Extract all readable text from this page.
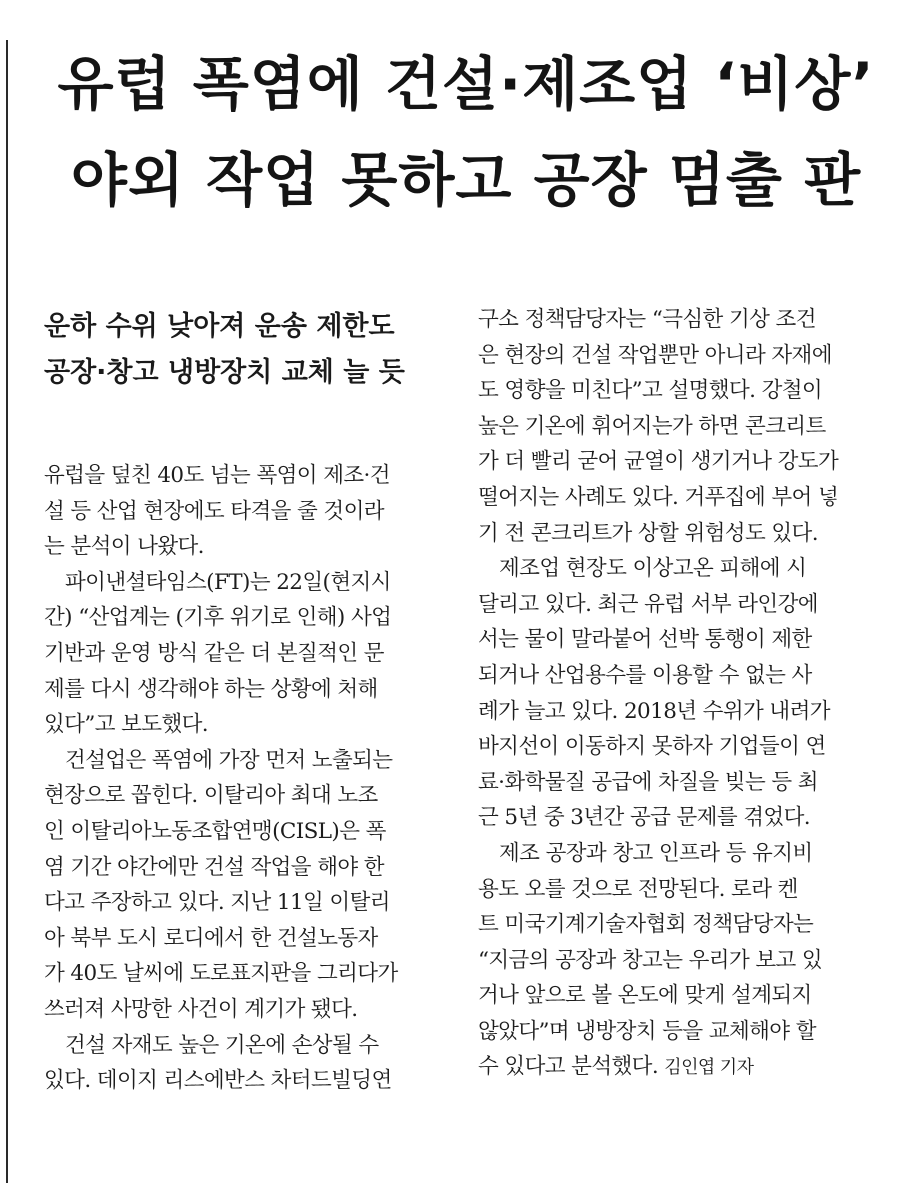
유럽 폭염에 건설·제조업 ‘비상’
야외 작업 못하고 공장 멈출 판
운하 수위 낮아져 운송 제한도
공장·창고 냉방장치 교체 늘 듯
유럽을 덮친 40도 넘는 폭염이 제조·건
설 등 산업 현장에도 타격을 줄 것이라
는 분석이 나왔다.
파이낸셜타임스(FT)는 22일(현지시
간) “산업계는 (기후 위기로 인해) 사업
기반과 운영 방식 같은 더 본질적인 문
제를 다시 생각해야 하는 상황에 처해
있다”고 보도했다.
건설업은 폭염에 가장 먼저 노출되는
현장으로 꼽힌다. 이탈리아 최대 노조
인 이탈리아노동조합연맹(CISL)은 폭
염 기간 야간에만 건설 작업을 해야 한
다고 주장하고 있다. 지난 11일 이탈리
아 북부 도시 로디에서 한 건설노동자
가 40도 날씨에 도로표지판을 그리다가
쓰러져 사망한 사건이 계기가 됐다.
건설 자재도 높은 기온에 손상될 수
있다. 데이지 리스에반스 차터드빌딩연
구소 정책담당자는 “극심한 기상 조건
은 현장의 건설 작업뿐만 아니라 자재에
도 영향을 미친다”고 설명했다. 강철이
높은 기온에 휘어지는가 하면 콘크리트
가 더 빨리 굳어 균열이 생기거나 강도가
떨어지는 사례도 있다. 거푸집에 부어 넣
기 전 콘크리트가 상할 위험성도 있다.
제조업 현장도 이상고온 피해에 시
달리고 있다. 최근 유럽 서부 라인강에
서는 물이 말라붙어 선박 통행이 제한
되거나 산업용수를 이용할 수 없는 사
례가 늘고 있다. 2018년 수위가 내려가
바지선이 이동하지 못하자 기업들이 연
료·화학물질 공급에 차질을 빚는 등 최
근 5년 중 3년간 공급 문제를 겪었다.
제조 공장과 창고 인프라 등 유지비
용도 오를 것으로 전망된다. 로라 켄
트 미국기계기술자협회 정책담당자는
“지금의 공장과 창고는 우리가 보고 있
거나 앞으로 볼 온도에 맞게 설계되지
않았다”며 냉방장치 등을 교체해야 할
수 있다고 분석했다. 김인엽 기자
